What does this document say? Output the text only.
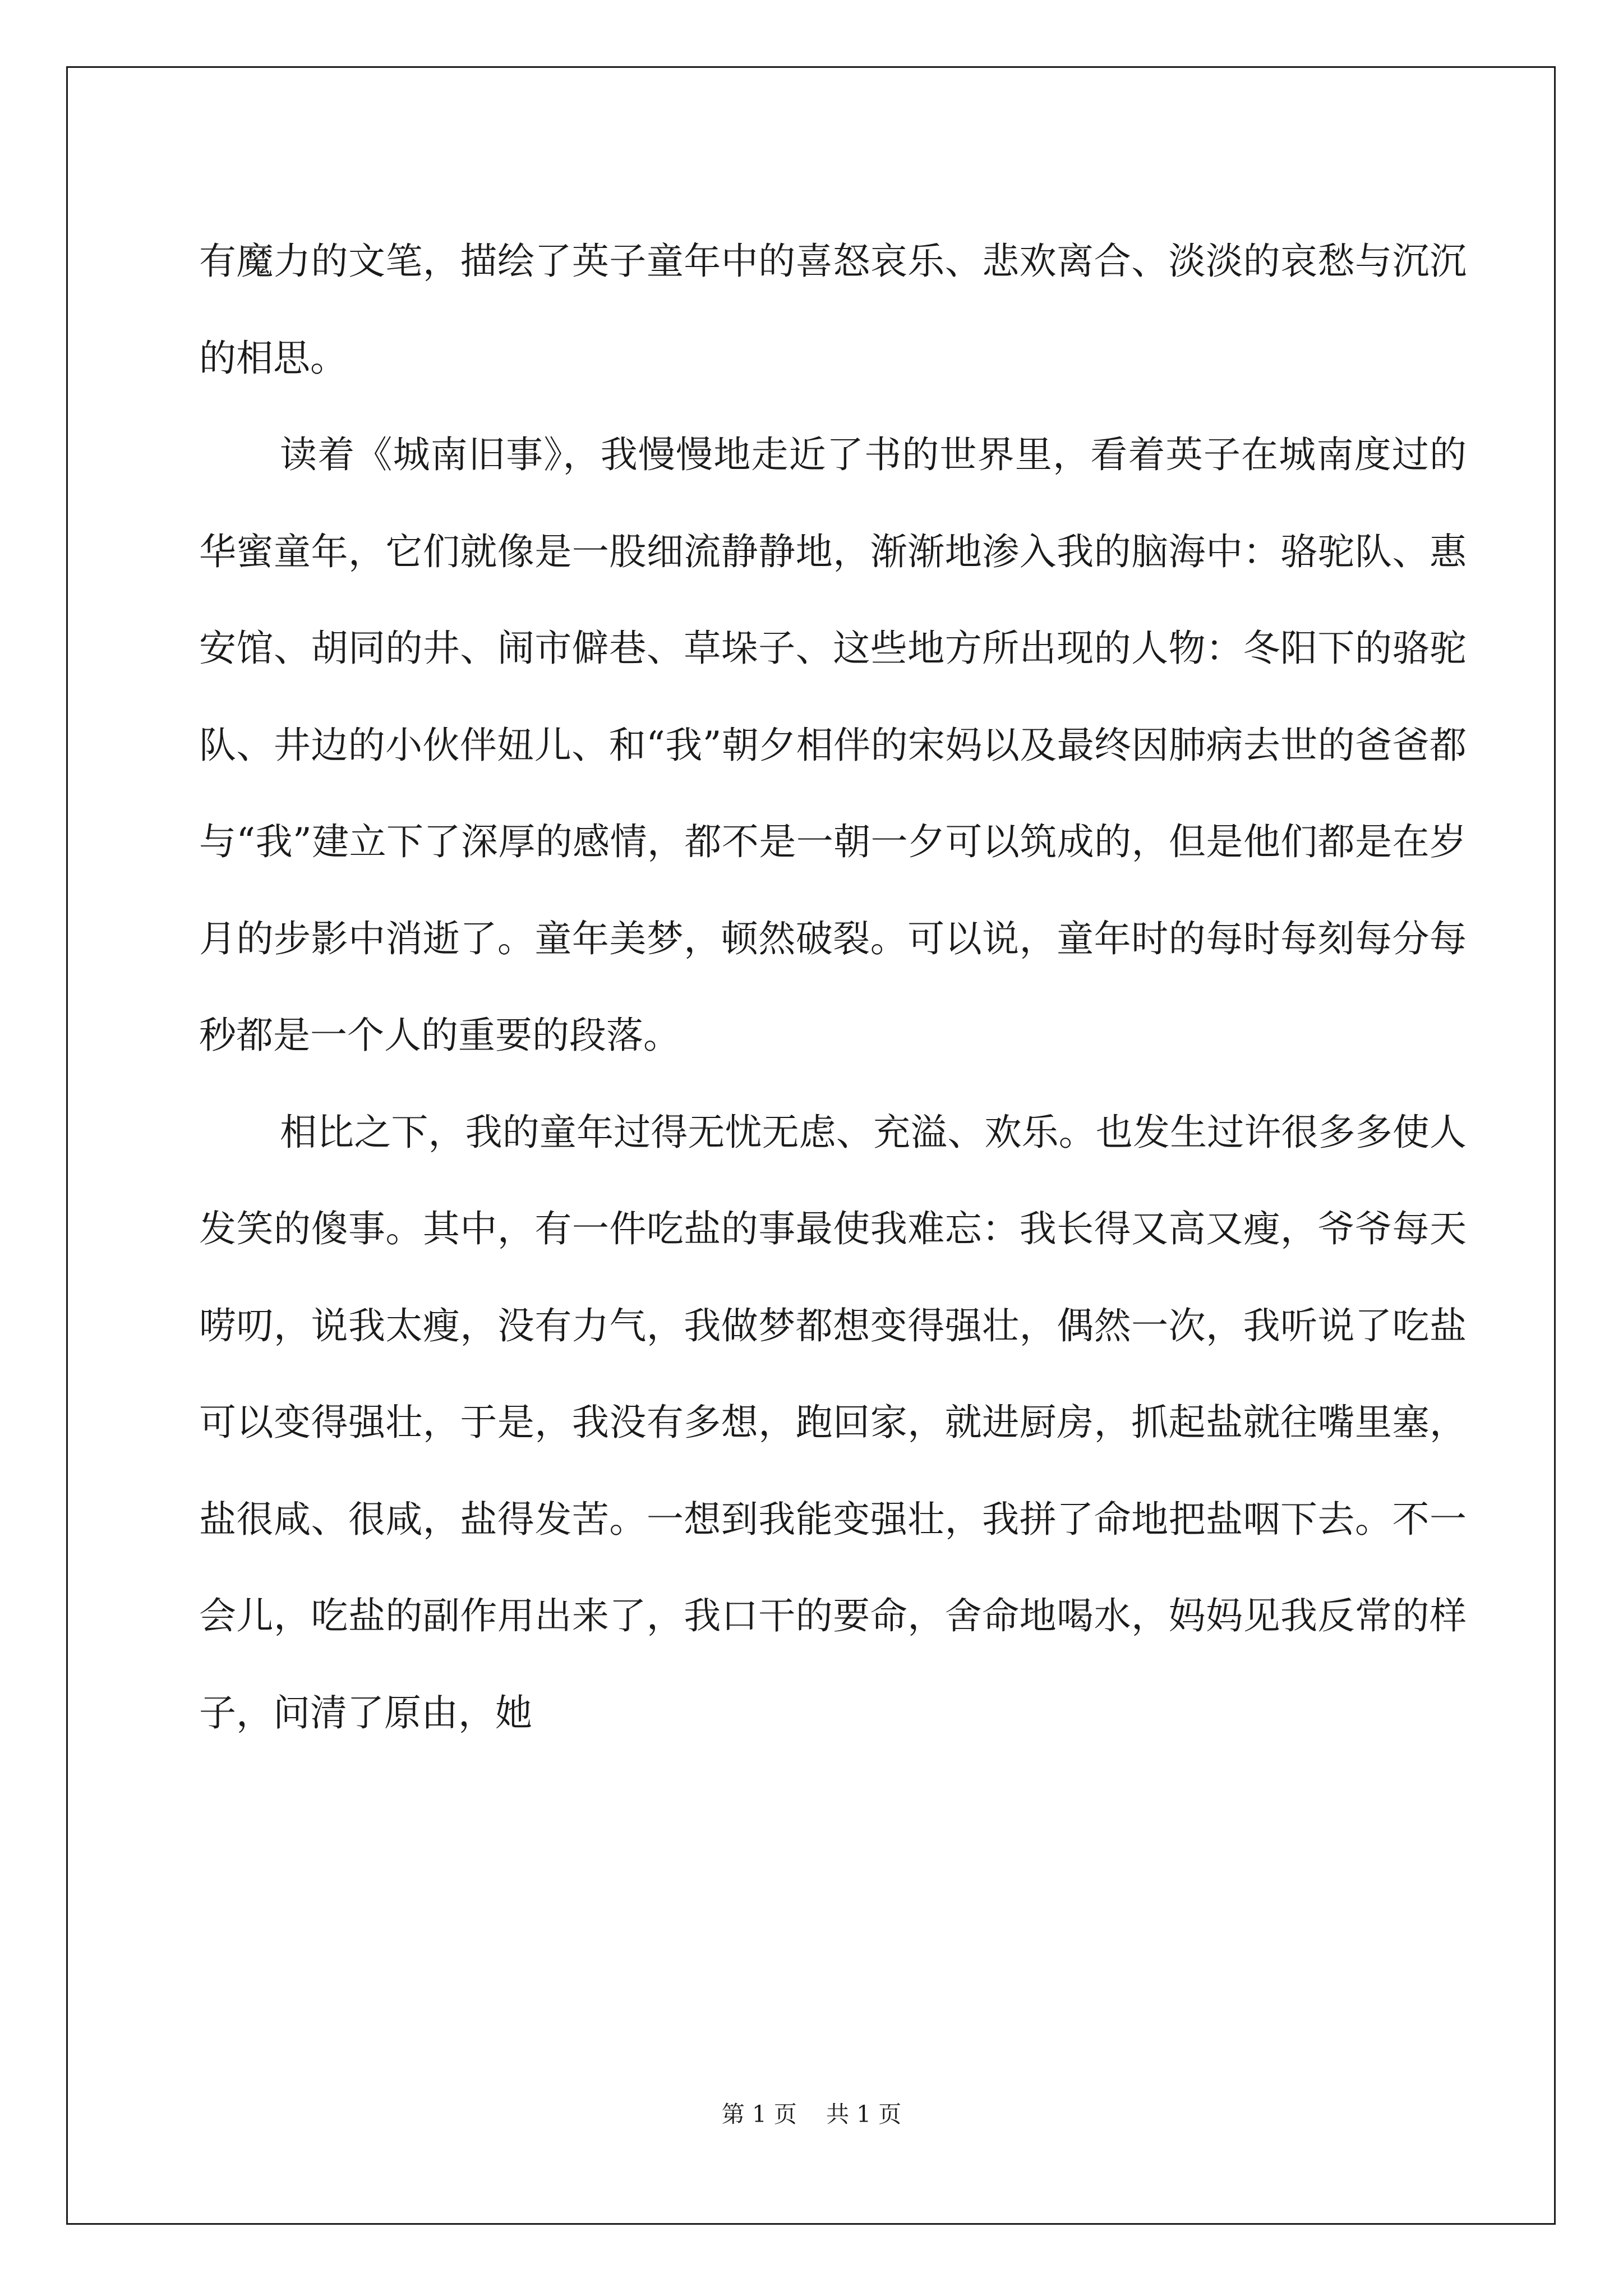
有魔力的文笔，描绘了英子童年中的喜怒哀乐、悲欢离合、淡淡的哀愁与沉沉的相思。

读着《城南旧事》，我慢慢地走近了书的世界里，看着英子在城南度过的华蜜童年，它们就像是一股细流静静地，渐渐地渗入我的脑海中：骆驼队、惠安馆、胡同的井、闹市僻巷、草垛子、这些地方所出现的人物：冬阳下的骆驼队、井边的小伙伴妞儿、和“我”朝夕相伴的宋妈以及最终因肺病去世的爸爸都与“我”建立下了深厚的感情，都不是一朝一夕可以筑成的，但是他们都是在岁月的步影中消逝了。童年美梦，顿然破裂。可以说，童年时的每时每刻每分每秒都是一个人的重要的段落。

相比之下，我的童年过得无忧无虑、充溢、欢乐。也发生过许很多多使人发笑的傻事。其中，有一件吃盐的事最使我难忘：我长得又高又瘦，爷爷每天唠叨，说我太瘦，没有力气，我做梦都想变得强壮，偶然一次，我听说了吃盐可以变得强壮，于是，我没有多想，跑回家，就进厨房，抓起盐就往嘴里塞，盐很咸、很咸，盐得发苦。一想到我能变强壮，我拼了命地把盐咽下去。不一会儿，吃盐的副作用出来了，我口干的要命，舍命地喝水，妈妈见我反常的样子，问清了原由，她

第 1 页    共 1 页
